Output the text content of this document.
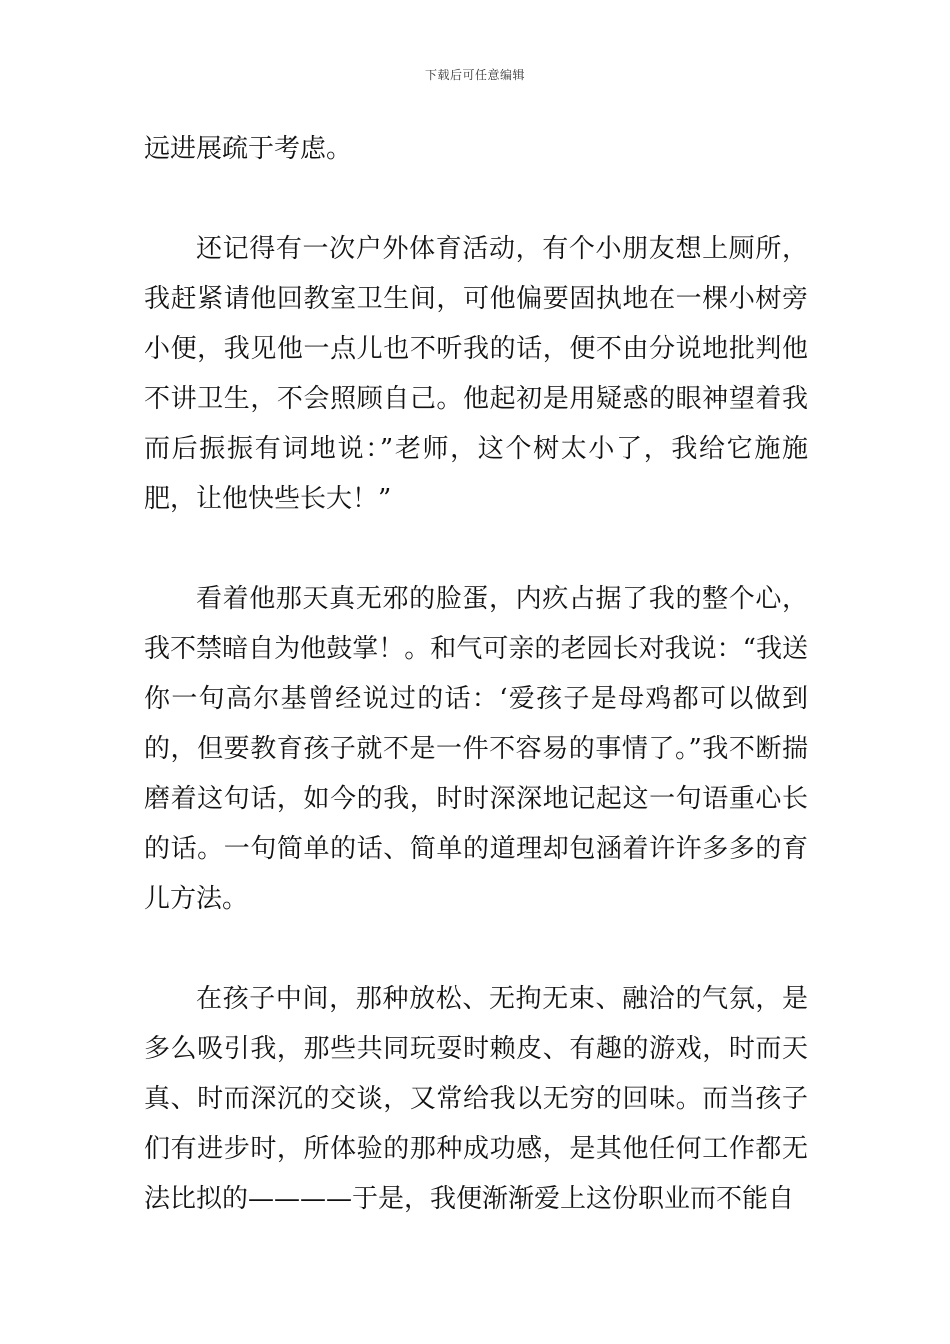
下载后可任意编辑

远进展疏于考虑。

还记得有一次户外体育活动，有个小朋友想上厕所，我赶紧请他回教室卫生间，可他偏要固执地在一棵小树旁小便，我见他一点儿也不听我的话，便不由分说地批判他不讲卫生，不会照顾自己。他起初是用疑惑的眼神望着我而后振振有词地说：”老师，这个树太小了，我给它施施肥，让他快些长大！”

看着他那天真无邪的脸蛋，内疚占据了我的整个心，我不禁暗自为他鼓掌！。和气可亲的老园长对我说：“我送你一句高尔基曾经说过的话：‘爱孩子是母鸡都可以做到的，但要教育孩子就不是一件不容易的事情了。”我不断揣磨着这句话，如今的我，时时深深地记起这一句语重心长的话。一句简单的话、简单的道理却包涵着许许多多的育儿方法。

在孩子中间，那种放松、无拘无束、融洽的气氛，是多么吸引我，那些共同玩耍时赖皮、有趣的游戏，时而天真、时而深沉的交谈，又常给我以无穷的回味。而当孩子们有进步时，所体验的那种成功感，是其他任何工作都无法比拟的————于是，我便渐渐爱上这份职业而不能自
